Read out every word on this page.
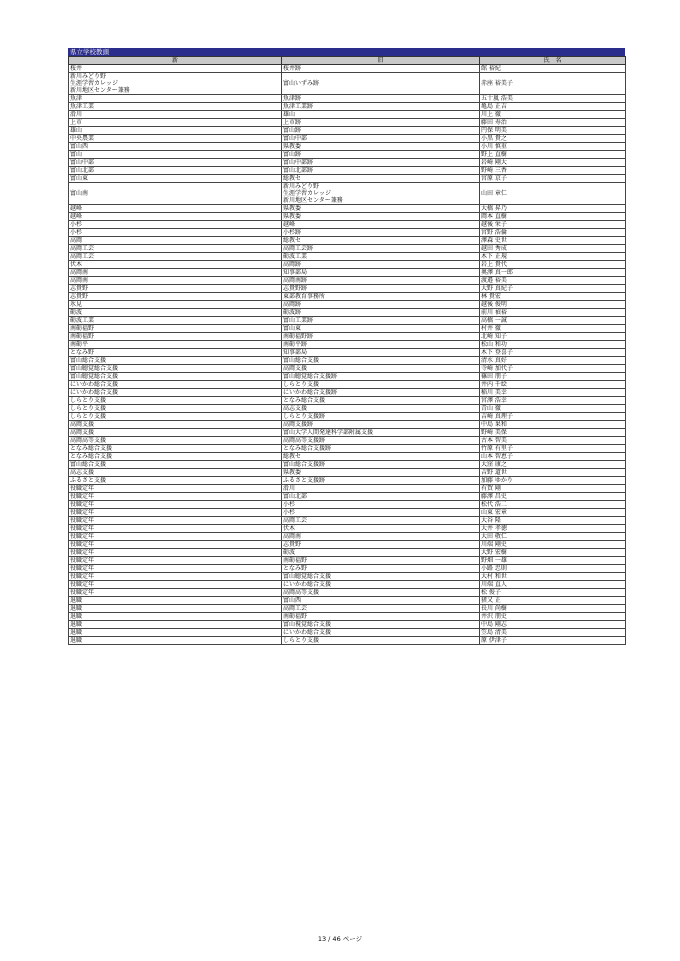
県立学校教頭
新	旧	氏　名
桜井	桜井跡	館 裕紀
新川みどり野
生涯学習カレッジ
新川地区センター兼務	富山いずみ跡	赤座 裕美子
魚津	魚津跡	五十嵐 浩美
魚津工業	魚津工業跡	亀島 正吉
滑川	雄山	川上 徹
上市	上市跡	藤田 寿治
雄山	富山跡	円保 明美
中央農業	富山中部	小黒 貴之
富山西	県教委	小川 慎重
富山	富山跡	野上 直樹
富山中部	富山中部跡	岩崎 剛大
富山北部	富山北部跡	野崎 三香
富山東	総教セ	宮原 京子
富山南	新川みどり野
生涯学習カレッジ
新川地区センター兼務	山田 章仁
越峰	県教委	大橋 昇乃
越峰	県教委	岡本 直樹
小杉	越峰	越後 栄子
小杉	小杉跡	宮野 浩倫
高岡	総教セ	澤森 史世
高岡工芸	高岡工芸跡	越田 秀成
高岡工芸	砺波工業	木下 正規
伏木	高岡跡	岩上 貴代
高岡南	知事部局	奥澤 真一郎
高岡南	高岡南跡	渡邉 裕美
志貴野	志貴野跡	大野 真紀子
志貴野	東部教育事務所	林 貴宏
氷見	高岡跡	越後 俊明
砺波	砺波跡	前川 禎裕
砺波工業	富山工業跡	高橋 一誠
南砺福野	富山東	村井 徹
南砺福野	南砺福野跡	北崎 知子
南砺平	南砺平跡	松山 和功
となみ野	知事部局	木下 登喜子
富山総合支援	富山総合支援	清水 真好
富山聴覚総合支援	高岡支援	寺崎 加代子
富山聴覚総合支援	富山聴覚総合支援跡	篠田 朋子
にいかわ総合支援	しらとり支援	井内 千絵
にいかわ総合支援	にいかわ総合支援跡	稲川 美幸
しらとり支援	となみ総合支援	宮澤 浩幸
しらとり支援	高志支援	青山 徹
しらとり支援	しらとり支援跡	吉崎 真理子
高岡支援	高岡支援跡	中島 果和
高岡支援	富山大学人間発達科学部附属支援	野崎 美保
高岡高等支援	高岡高等支援跡	古本 智美
となみ総合支援	となみ総合支援跡	竹原 有里子
となみ総合支援	総教セ	山本 智恵子
富山総合支援	富山総合支援跡	大窪 康之
高志支援	県教委	吉野 道世
ふるさと支援	ふるさと支援跡	加藤 ゆかり
役職定年	滑川	有賀 剛
役職定年	富山北部	藤澤 昌史
役職定年	小杉	松代 浩二
役職定年	小杉	山東 宏章
役職定年	高岡工芸	大谷 隆
役職定年	伏木	大井 孝徳
役職定年	高岡南	大田 敬仁
役職定年	志貴野	川端 剛史
役職定年	砺波	大野 宏樹
役職定年	南砺福野	野畑 一雄
役職定年	となみ野	小路 忠則
役職定年	富山聴覚総合支援	大村 和世
役職定年	にいかわ総合支援	川端 直人
役職定年	高岡高等支援	松 俊子
退職	富山西	猪又 正
退職	高岡工芸	長川 尚樹
退職	南砺福野	井沢 朋史
退職	富山視覚総合支援	中島 剛志
退職	にいかわ総合支援	笠島 清美
退職	しらとり支援	原 伊津子
13 / 46 ページ
